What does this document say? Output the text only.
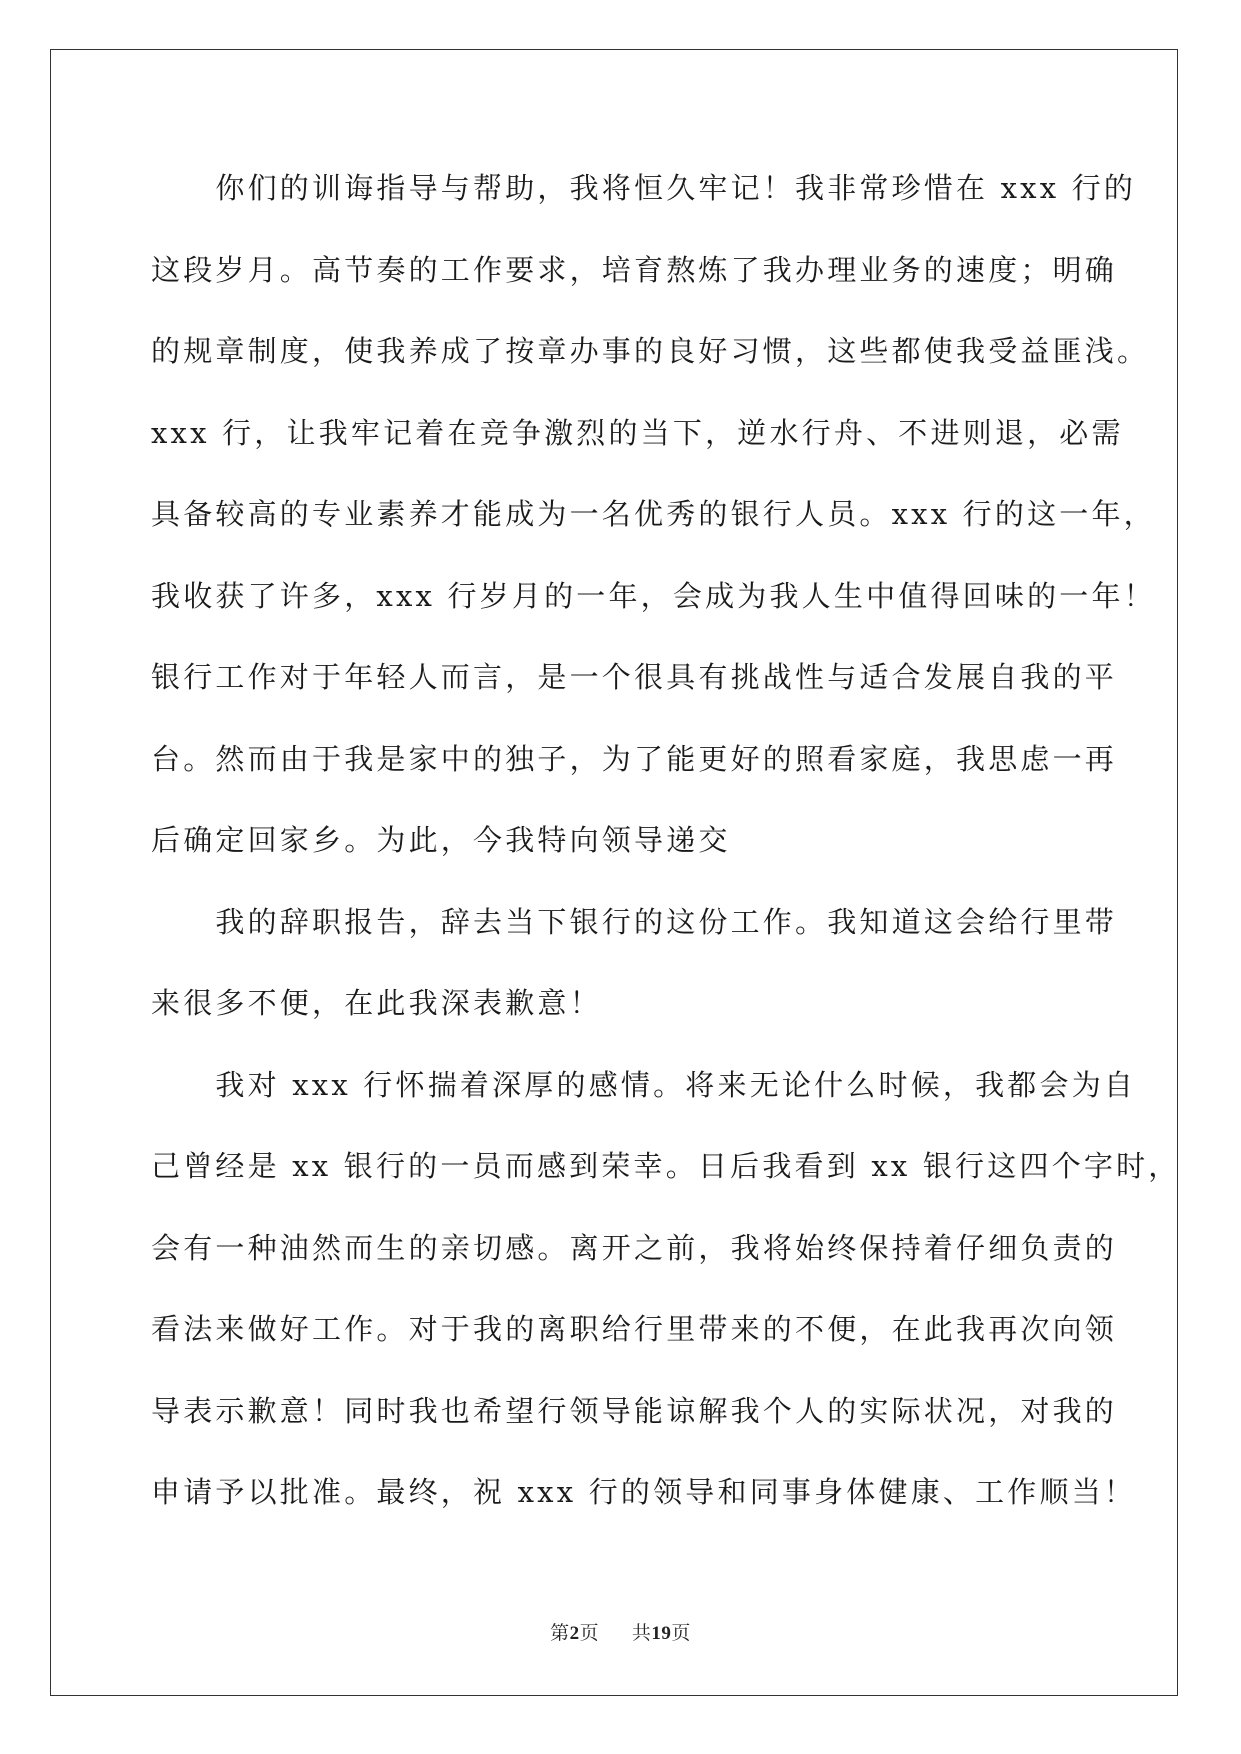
　　你们的训诲指导与帮助，我将恒久牢记！我非常珍惜在 xxx 行的
这段岁月。高节奏的工作要求，培育熬炼了我办理业务的速度；明确
的规章制度，使我养成了按章办事的良好习惯，这些都使我受益匪浅。
xxx 行，让我牢记着在竞争激烈的当下，逆水行舟、不进则退，必需
具备较高的专业素养才能成为一名优秀的银行人员。xxx 行的这一年，
我收获了许多，xxx 行岁月的一年，会成为我人生中值得回味的一年！
银行工作对于年轻人而言，是一个很具有挑战性与适合发展自我的平
台。然而由于我是家中的独子，为了能更好的照看家庭，我思虑一再
后确定回家乡。为此，今我特向领导递交
　　我的辞职报告，辞去当下银行的这份工作。我知道这会给行里带
来很多不便，在此我深表歉意！
　　我对 xxx 行怀揣着深厚的感情。将来无论什么时候，我都会为自
己曾经是 xx 银行的一员而感到荣幸。日后我看到 xx 银行这四个字时，
会有一种油然而生的亲切感。离开之前，我将始终保持着仔细负责的
看法来做好工作。对于我的离职给行里带来的不便，在此我再次向领
导表示歉意！同时我也希望行领导能谅解我个人的实际状况，对我的
申请予以批准。最终，祝 xxx 行的领导和同事身体健康、工作顺当！
第2页 共19页
